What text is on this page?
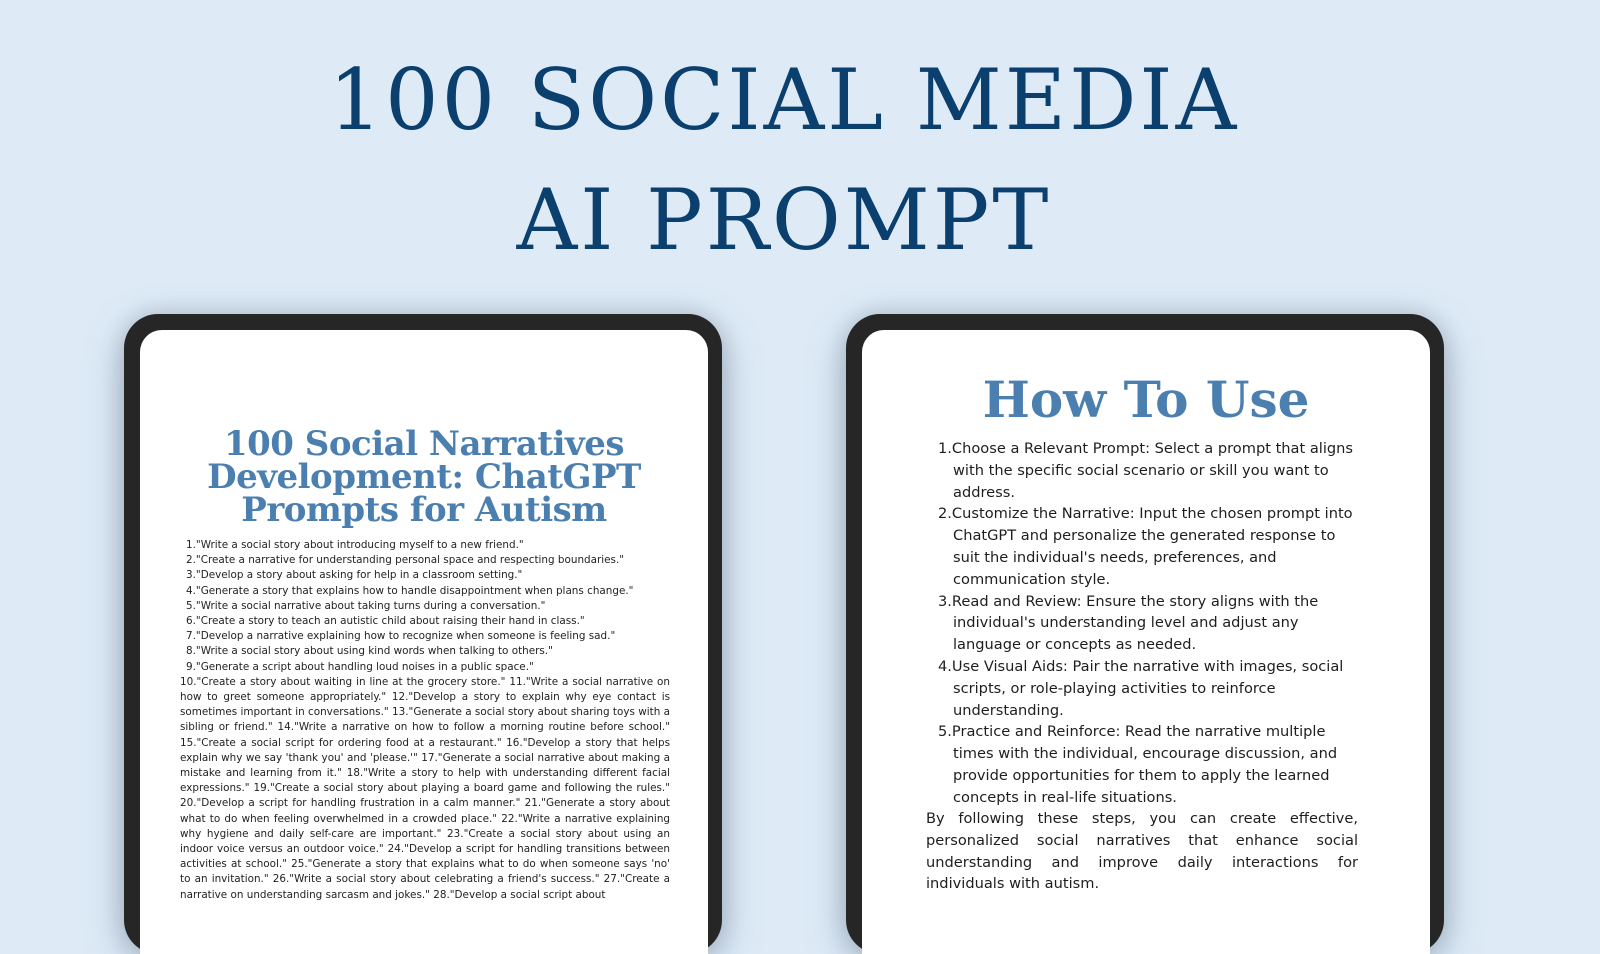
100 SOCIAL MEDIA
AI PROMPT
100 Social Narratives
Development: ChatGPT
Prompts for Autism
1."Write a social story about introducing myself to a new friend."
2."Create a narrative for understanding personal space and respecting boundaries."
3."Develop a story about asking for help in a classroom setting."
4."Generate a story that explains how to handle disappointment when plans change."
5."Write a social narrative about taking turns during a conversation."
6."Create a story to teach an autistic child about raising their hand in class."
7."Develop a narrative explaining how to recognize when someone is feeling sad."
8."Write a social story about using kind words when talking to others."
9."Generate a script about handling loud noises in a public space."

10."Create a story about waiting in line at the grocery store." 11."Write a social narrative on how to greet someone appropriately." 12."Develop a story to explain why eye contact is sometimes important in conversations." 13."Generate a social story about sharing toys with a sibling or friend." 14."Write a narrative on how to follow a morning routine before school." 15."Create a social script for ordering food at a restaurant." 16."Develop a story that helps explain why we say 'thank you' and 'please.'" 17."Generate a social narrative about making a mistake and learning from it." 18."Write a story to help with understanding different facial expressions." 19."Create a social story about playing a board game and following the rules." 20."Develop a script for handling frustration in a calm manner." 21."Generate a story about what to do when feeling overwhelmed in a crowded place." 22."Write a narrative explaining why hygiene and daily self-care are important." 23."Create a social story about using an indoor voice versus an outdoor voice." 24."Develop a script for handling transitions between activities at school." 25."Generate a story that explains what to do when someone says 'no' to an invitation." 26."Write a social story about celebrating a friend's success." 27."Create a narrative on understanding sarcasm and jokes." 28."Develop a social script about

How To Use
1.Choose a Relevant Prompt: Select a prompt that aligns with the specific social scenario or skill you want to address.
2.Customize the Narrative: Input the chosen prompt into ChatGPT and personalize the generated response to suit the individual's needs, preferences, and communication style.
3.Read and Review: Ensure the story aligns with the individual's understanding level and adjust any language or concepts as needed.
4.Use Visual Aids: Pair the narrative with images, social scripts, or role-playing activities to reinforce understanding.
5.Practice and Reinforce: Read the narrative multiple times with the individual, encourage discussion, and provide opportunities for them to apply the learned concepts in real-life situations.

By following these steps, you can create effective, personalized social narratives that enhance social understanding and improve daily interactions for individuals with autism.
